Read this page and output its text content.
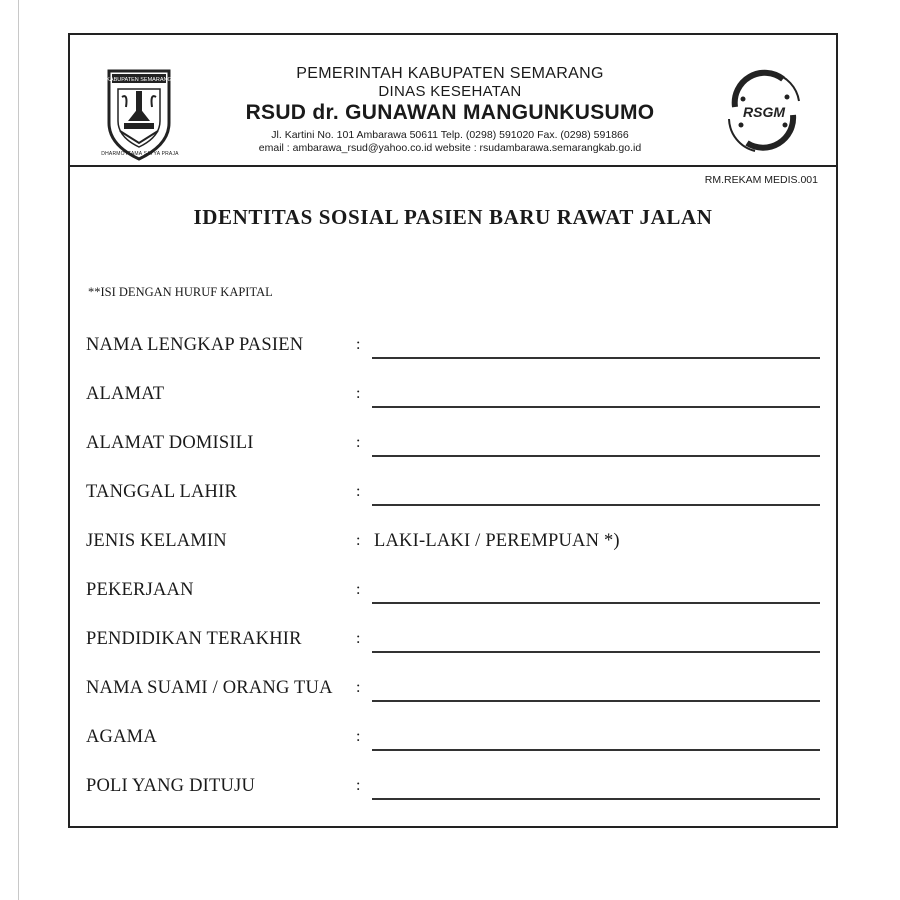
KABUPATEN SEMARANG
DHARMOTTAMA SATYA PRAJA
PEMERINTAH KABUPATEN SEMARANG
DINAS KESEHATAN
RSUD dr. GUNAWAN MANGUNKUSUMO
Jl. Kartini No. 101 Ambarawa 50611 Telp. (0298) 591020 Fax. (0298) 591866
email : ambarawa_rsud@yahoo.co.id website : rsudambarawa.semarangkab.go.id
RSGM
RM.REKAM MEDIS.001
IDENTITAS SOSIAL PASIEN BARU RAWAT JALAN
**ISI DENGAN HURUF KAPITAL
NAMA LENGKAP PASIEN	:
ALAMAT	:
ALAMAT DOMISILI	:
TANGGAL LAHIR	:
JENIS KELAMIN	: LAKI-LAKI / PEREMPUAN *)
PEKERJAAN	:
PENDIDIKAN TERAKHIR	:
NAMA SUAMI / ORANG TUA :
AGAMA	:
POLI YANG DITUJU	:
